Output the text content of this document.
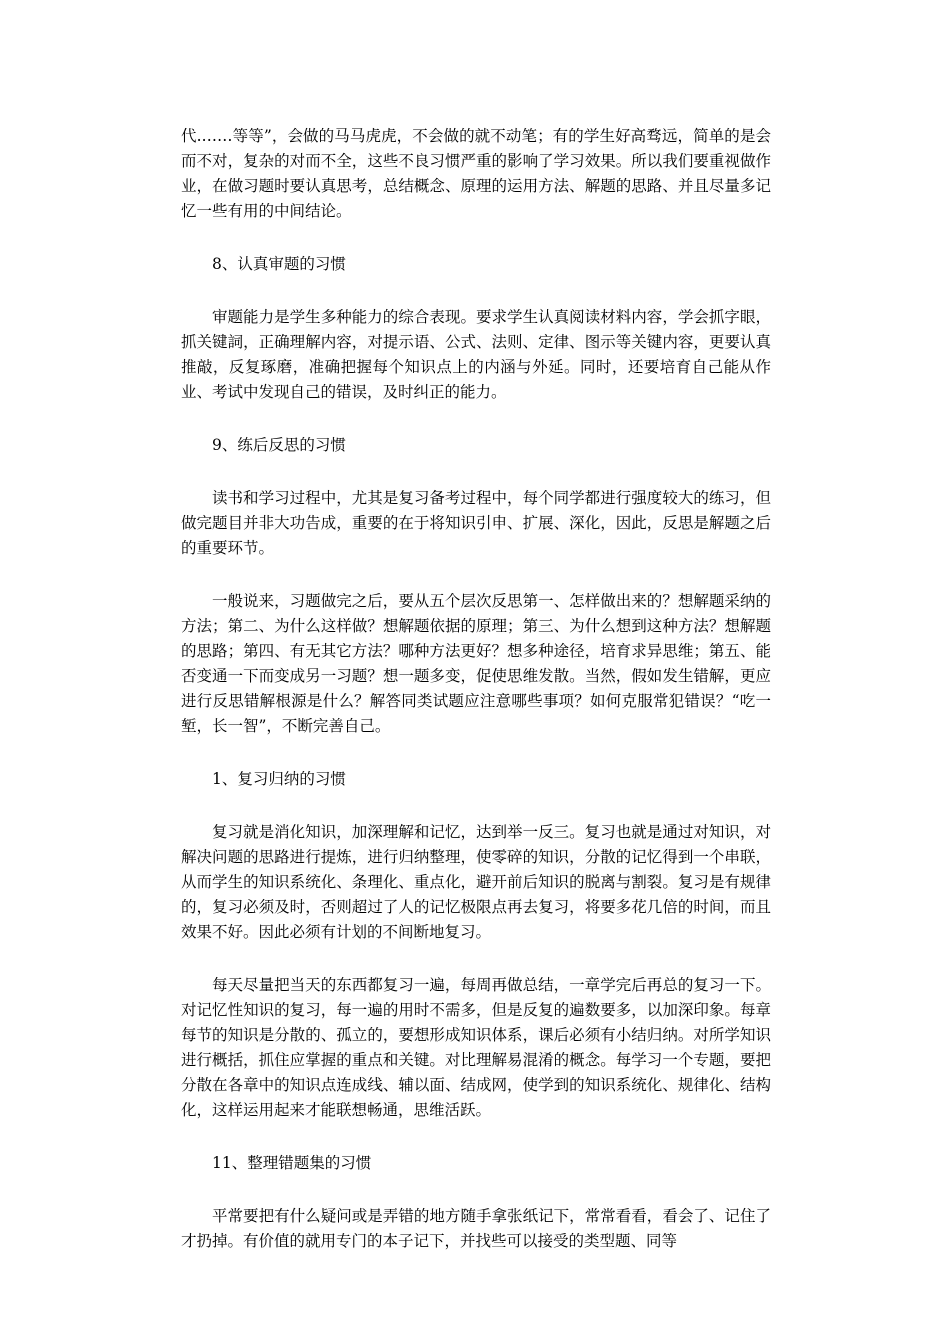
代.……等等”，会做的马马虎虎，不会做的就不动笔；有的学生好高骛远，简单的是会而不对，复杂的对而不全，这些不良习惯严重的影响了学习效果。所以我们要重视做作业，在做习题时要认真思考，总结概念、原理的运用方法、解题的思路、并且尽量多记忆一些有用的中间结论。

8、认真审题的习惯

审题能力是学生多种能力的综合表现。要求学生认真阅读材料内容，学会抓字眼，抓关键詞，正确理解内容，对提示语、公式、法则、定律、图示等关键内容，更要认真推敲，反复琢磨，准确把握每个知识点上的内涵与外延。同时，还要培育自己能从作业、考试中发现自己的错误，及时纠正的能力。

9、练后反思的习惯

读书和学习过程中，尤其是复习备考过程中，每个同学都进行强度较大的练习，但做完题目并非大功告成，重要的在于将知识引申、扩展、深化，因此，反思是解题之后的重要环节。

一般说来，习题做完之后，要从五个层次反思第一、怎样做出来的？想解题采纳的方法；第二、为什么这样做？想解题依据的原理；第三、为什么想到这种方法？想解题的思路；第四、有无其它方法？哪种方法更好？想多种途径，培育求异思维；第五、能否变通一下而变成另一习题？想一题多变，促使思维发散。当然，假如发生错解，更应进行反思错解根源是什么？解答同类试题应注意哪些事项？如何克服常犯错误？“吃一堑，长一智”，不断完善自己。

1、复习归纳的习惯

复习就是消化知识，加深理解和记忆，达到举一反三。复习也就是通过对知识，对解决问题的思路进行提炼，进行归纳整理，使零碎的知识，分散的记忆得到一个串联，从而学生的知识系统化、条理化、重点化，避开前后知识的脱离与割裂。复习是有规律的，复习必须及时，否则超过了人的记忆极限点再去复习，将要多花几倍的时间，而且效果不好。因此必须有计划的不间断地复习。

每天尽量把当天的东西都复习一遍，每周再做总结，一章学完后再总的复习一下。对记忆性知识的复习，每一遍的用时不需多，但是反复的遍数要多，以加深印象。每章每节的知识是分散的、孤立的，要想形成知识体系，课后必须有小结归纳。对所学知识进行概括，抓住应掌握的重点和关键。对比理解易混淆的概念。每学习一个专题，要把分散在各章中的知识点连成线、辅以面、结成网，使学到的知识系统化、规律化、结构化，这样运用起来才能联想畅通，思维活跃。

11、整理错题集的习惯

平常要把有什么疑问或是弄错的地方随手拿张纸记下，常常看看，看会了、记住了才扔掉。有价值的就用专门的本子记下，并找些可以接受的类型题、同等
